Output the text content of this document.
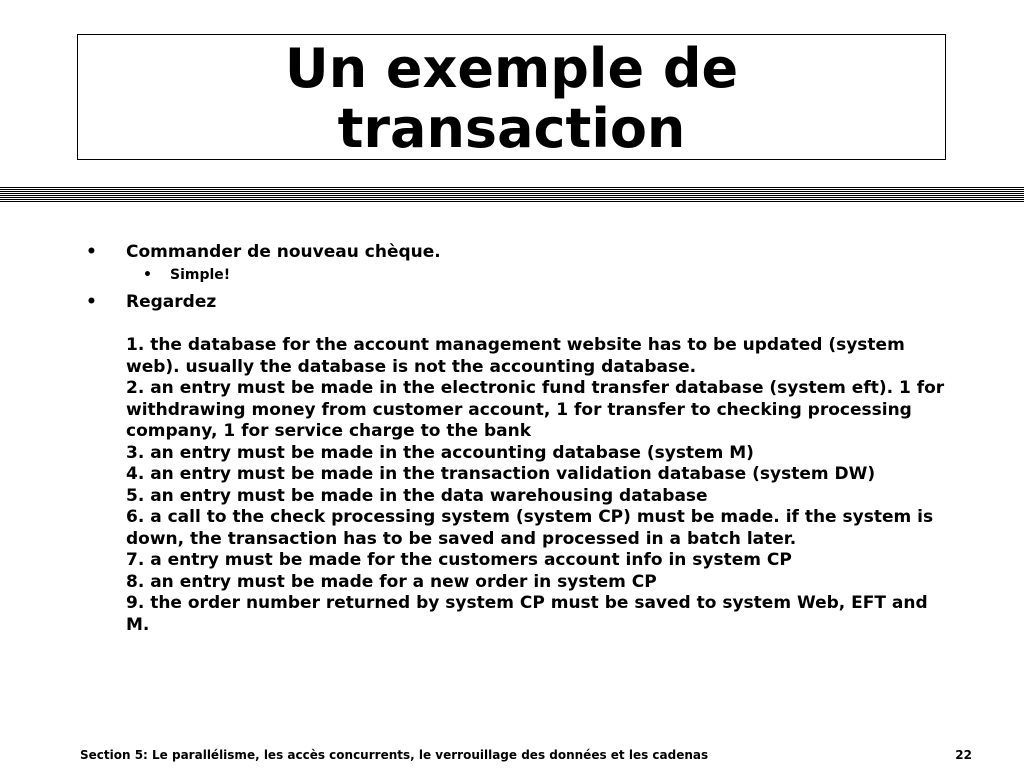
Un exemple de
transaction
• Commander de nouveau chèque.
• Simple!
• Regardez
1. the database for the account management website has to be updated (system web). usually the database is not the accounting database.
2. an entry must be made in the electronic fund transfer database (system eft). 1 for withdrawing money from customer account, 1 for transfer to checking processing company, 1 for service charge to the bank
3. an entry must be made in the accounting database (system M)
4. an entry must be made in the transaction validation database (system DW)
5. an entry must be made in the data warehousing database
6. a call to the check processing system (system CP) must be made. if the system is down, the transaction has to be saved and processed in a batch later.
7. a entry must be made for the customers account info in system CP
8. an entry must be made for a new order in system CP
9. the order number returned by system CP must be saved to system Web, EFT and M.
Section 5: Le parallélisme, les accès concurrents, le verrouillage des données et les cadenas	22
